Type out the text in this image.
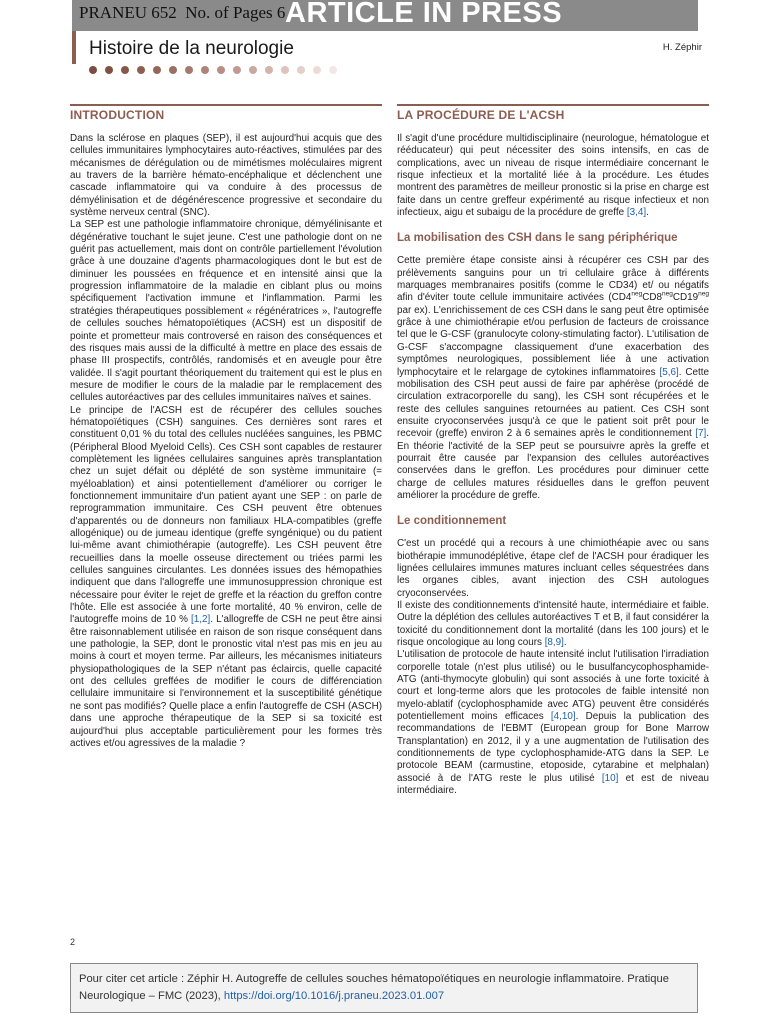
PRANEU 652 No. of Pages 6 ARTICLE IN PRESS
Histoire de la neurologie	H. Zéphir
INTRODUCTION

Dans la sclérose en plaques (SEP), il est aujourd'hui acquis que des cellules immunitaires lymphocytaires auto-réactives, stimulées par des mécanismes de dérégulation ou de mimétismes moléculaires migrent au travers de la barrière hémato-encéphalique et déclenchent une cascade inflammatoire qui va conduire à des processus de démyélinisation et de dégénérescence progressive et secondaire du système nerveux central (SNC).

La SEP est une pathologie inflammatoire chronique, démyélinisante et dégénérative touchant le sujet jeune. C'est une pathologie dont on ne guérit pas actuellement, mais dont on contrôle partiellement l'évolution grâce à une douzaine d'agents pharmacologiques dont le but est de diminuer les poussées en fréquence et en intensité ainsi que la progression inflammatoire de la maladie en ciblant plus ou moins spécifiquement l'activation immune et l'inflammation. Parmi les stratégies thérapeutiques possiblement « régénératrices », l'autogreffe de cellules souches hématopoïétiques (ACSH) est un dispositif de pointe et prometteur mais controversé en raison des conséquences et des risques mais aussi de la difficulté à mettre en place des essais de phase III prospectifs, contrôlés, randomisés et en aveugle pour être validée. Il s'agit pourtant théoriquement du traitement qui est le plus en mesure de modifier le cours de la maladie par le remplacement des cellules autoréactives par des cellules immunitaires naïves et saines.

Le principe de l'ACSH est de récupérer des cellules souches hématopoïétiques (CSH) sanguines. Ces dernières sont rares et constituent 0,01 % du total des cellules nucléées sanguines, les PBMC (Péripheral Blood Myeloid Cells). Ces CSH sont capables de restaurer complètement les lignées cellulaires sanguines après transplantation chez un sujet défait ou déplété de son système immunitaire (= myéloablation) et ainsi potentiellement d'améliorer ou corriger le fonctionnement immunitaire d'un patient ayant une SEP : on parle de reprogrammation immunitaire. Ces CSH peuvent être obtenues d'apparentés ou de donneurs non familiaux HLA-compatibles (greffe allogénique) ou de jumeau identique (greffe syngénique) ou du patient lui-même avant chimiothérapie (autogreffe). Les CSH peuvent être recueillies dans la moelle osseuse directement ou triées parmi les cellules sanguines circulantes. Les données issues des hémopathies indiquent que dans l'allogreffe une immunosuppression chronique est nécessaire pour éviter le rejet de greffe et la réaction du greffon contre l'hôte. Elle est associée à une forte mortalité, 40 % environ, celle de l'autogreffe moins de 10 % [1,2]. L'allogreffe de CSH ne peut être ainsi être raisonnablement utilisée en raison de son risque conséquent dans une pathologie, la SEP, dont le pronostic vital n'est pas mis en jeu au moins à court et moyen terme. Par ailleurs, les mécanismes initiateurs physiopathologiques de la SEP n'étant pas éclaircis, quelle capacité ont des cellules greffées de modifier le cours de différenciation cellulaire immunitaire si l'environnement et la susceptibilité génétique ne sont pas modifiés? Quelle place a enfin l'autogreffe de CSH (ASCH) dans une approche thérapeutique de la SEP si sa toxicité est aujourd'hui plus acceptable particulièrement pour les formes très actives et/ou agressives de la maladie ?

LA PROCÉDURE DE L'ACSH

Il s'agit d'une procédure multidisciplinaire (neurologue, hématologue et rééducateur) qui peut nécessiter des soins intensifs, en cas de complications, avec un niveau de risque intermédiaire concernant le risque infectieux et la mortalité liée à la procédure. Les études montrent des paramètres de meilleur pronostic si la prise en charge est faite dans un centre greffeur expérimenté au risque infectieux et non infectieux, aigu et subaigu de la procédure de greffe [3,4].

La mobilisation des CSH dans le sang périphérique

Cette première étape consiste ainsi à récupérer ces CSH par des prélèvements sanguins pour un tri cellulaire grâce à différents marquages membranaires positifs (comme le CD34) et/ ou négatifs afin d'éviter toute cellule immunitaire activées ($CD4^{neg}CD8^{neg}CD19^{neg}$ par ex). L'enrichissement de ces CSH dans le sang peut être optimisée grâce à une chimiothérapie et/ou perfusion de facteurs de croissance tel que le G-CSF (granulocyte colony-stimulating factor). L'utilisation de G-CSF s'accompagne classiquement d'une exacerbation des symptômes neurologiques, possiblement liée à une activation lymphocytaire et le relargage de cytokines inflammatoires [5,6]. Cette mobilisation des CSH peut aussi de faire par aphérèse (procédé de circulation extracorporelle du sang), les CSH sont récupérées et le reste des cellules sanguines retournées au patient. Ces CSH sont ensuite cryoconservées jusqu'à ce que le patient soit prêt pour le recevoir (greffe) environ 2 à 6 semaines après le conditionnement [7]. En théorie l'activité de la SEP peut se poursuivre après la greffe et pourrait être causée par l'expansion des cellules autoréactives conservées dans le greffon. Les procédures pour diminuer cette charge de cellules matures résiduelles dans le greffon peuvent améliorer la procédure de greffe.

Le conditionnement

C'est un procédé qui a recours à une chimiothéapie avec ou sans biothérapie immunodéplétive, étape clef de l'ACSH pour éradiquer les lignées cellulaires immunes matures incluant celles séquestrées dans les organes cibles, avant injection des CSH autologues cryoconservées.

Il existe des conditionnements d'intensité haute, intermédiaire et faible. Outre la déplétion des cellules autoréactives T et B, il faut considérer la toxicité du conditionnement dont la mortalité (dans les 100 jours) et le risque oncologique au long cours [8,9].

L'utilisation de protocole de haute intensité inclut l'utilisation l'irradiation corporelle totale (n'est plus utilisé) ou le busulfancycophosphamide-ATG (anti-thymocyte globulin) qui sont associés à une forte toxicité à court et long-terme alors que les protocoles de faible intensité non myelo-ablatif (cyclophosphamide avec ATG) peuvent être considérés potentiellement moins efficaces [4,10]. Depuis la publication des recommandations de l'EBMT (European group for Bone Marrow Transplantation) en 2012, il y a une augmentation de l'utilisation des conditionnements de type cyclophosphamide-ATG dans la SEP. Le protocole BEAM (carmustine, etoposide, cytarabine et melphalan) associé à de l'ATG reste le plus utilisé [10] et est de niveau intermédiaire.

2
Pour citer cet article : Zéphir H. Autogreffe de cellules souches hématopoïétiques en neurologie inflammatoire. Pratique Neurologique – FMC (2023), https://doi.org/10.1016/j.praneu.2023.01.007
